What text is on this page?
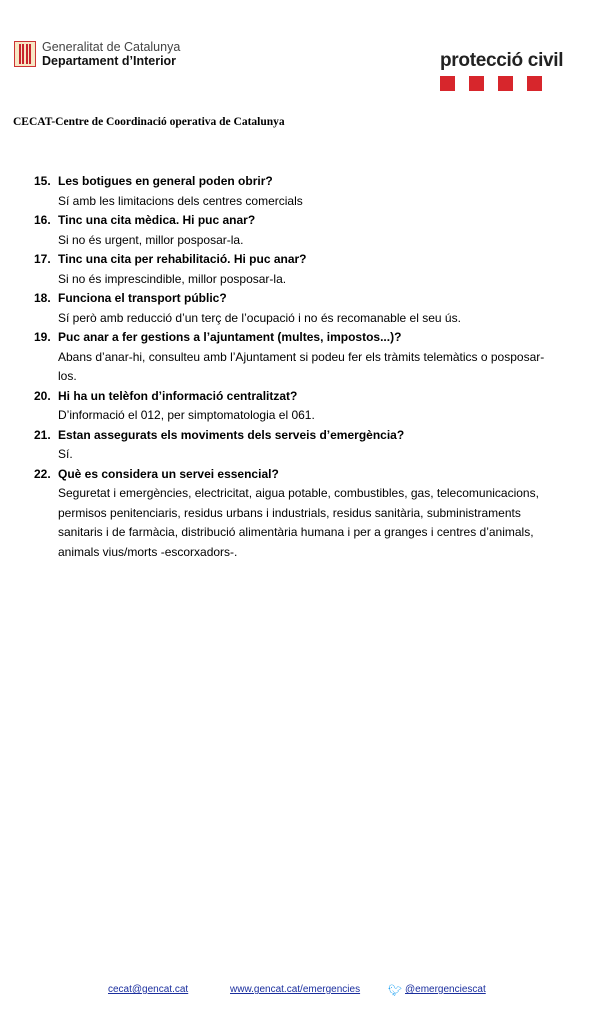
Generalitat de Catalunya
Departament d’Interior	protecció civil
CECAT-Centre de Coordinació operativa de Catalunya
15. Les botigues en general poden obrir?
Sí amb les limitacions dels centres comercials
16. Tinc una cita mèdica. Hi puc anar?
Si no és urgent, millor posposar-la.
17. Tinc una cita per rehabilitació. Hi puc anar?
Si no és imprescindible, millor posposar-la.
18. Funciona el transport públic?
Sí però amb reducció d’un terç de l’ocupació i no és recomanable el seu ús.
19. Puc anar a fer gestions a l’ajuntament (multes, impostos...)?
Abans d’anar-hi, consulteu amb l’Ajuntament si podeu fer els tràmits telemàtics o posposar-
los.
20. Hi ha un telèfon d’informació centralitzat?
D’informació el 012, per simptomatologia el 061.
21. Estan assegurats els moviments dels serveis d’emergència?
Sí.
22. Què es considera un servei essencial?
Seguretat i emergències, electricitat, aigua potable, combustibles, gas, telecomunicacions,
permisos penitenciaris, residus urbans i industrials, residus sanitària, subministraments
sanitaris i de farmàcia, distribució alimentària humana i per a granges i centres d’animals,
animals vius/morts -escorxadors-.
cecat@gencat.cat	www.gencat.cat/emergencies	🐦︎ @emergenciescat
